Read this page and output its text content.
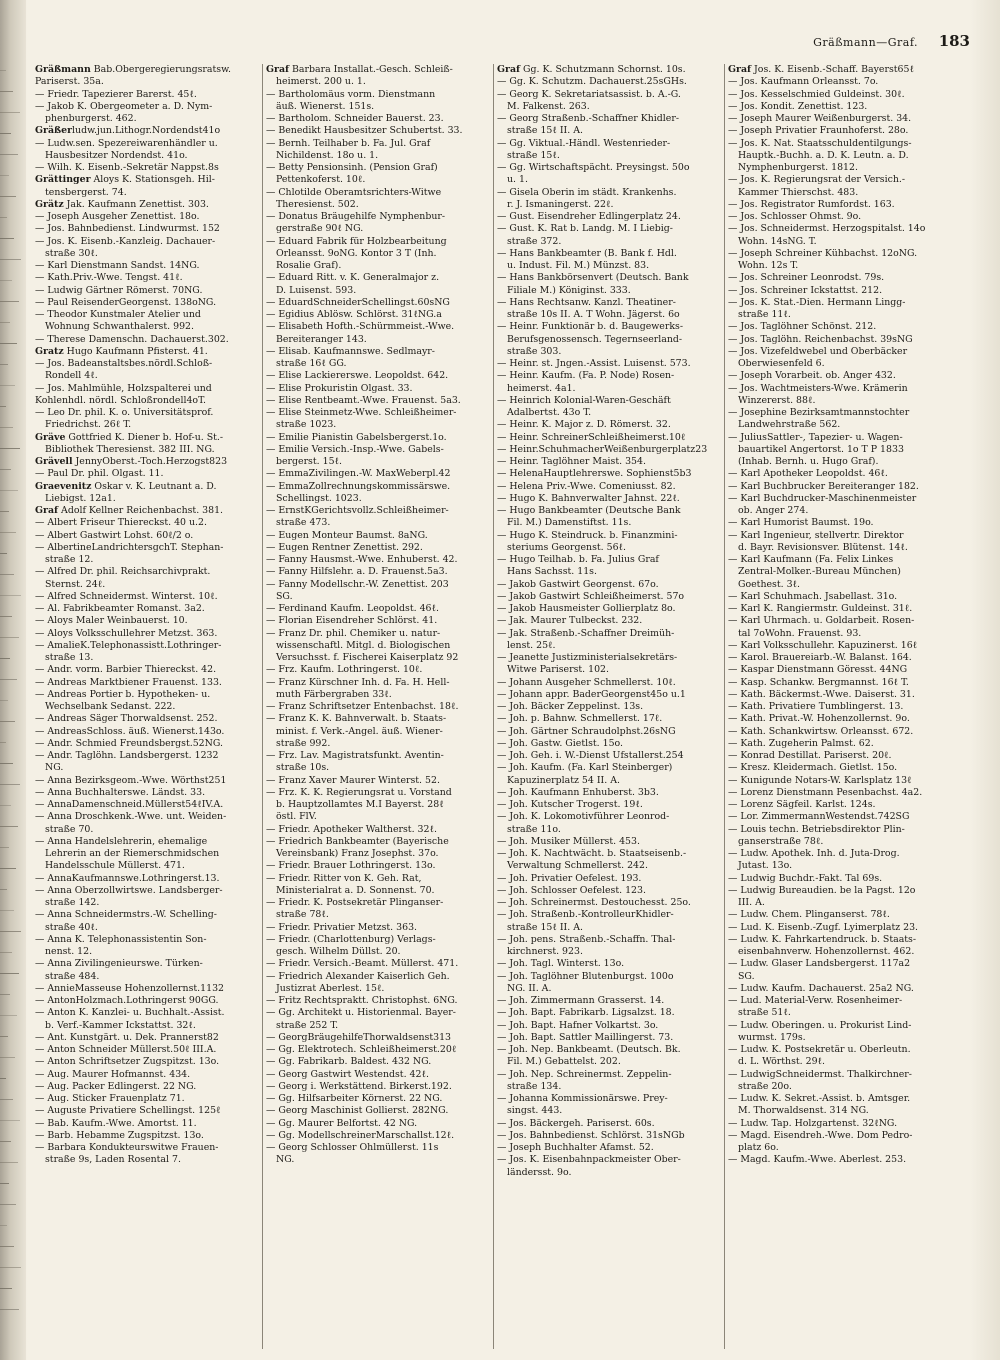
Gräßmann—Graf. 183
Gräßmann Bab.Obergeregierungsratsw.
Pariserst. 35a.
— Friedr. Tapezierer Barerst. 45ℓ.
— Jakob K. Obergeometer a. D. Nym-
phenburgerst. 462.
Gräßerludw.jun.Lithogr.Nordendst41o
— Ludw.sen. Spezereiwarenhändler u.
Hausbesitzer Nordendst. 41o.
— Wilh. K. Eisenb.-Sekretär Nappst.8s
Grättinger Aloys K. Stationsgeh. Hil-
tensbergerst. 74.
Grätz Jak. Kaufmann Zenettist. 303.
— Joseph Ausgeher Zenettist. 18o.
— Jos. Bahnbedienst. Lindwurmst. 152
— Jos. K. Eisenb.-Kanzleig. Dachauer-
straße 30ℓ.
— Karl Dienstmann Sandst. 14NG.
— Kath.Priv.-Wwe. Tengst. 41ℓ.
— Ludwig Gärtner Römerst. 70NG.
— Paul ReisenderGeorgenst. 138oNG.
— Theodor Kunstmaler Atelier und
Wohnung Schwanthalerst. 992.
— Therese Damenschn. Dachauerst.302.
Gratz Hugo Kaufmann Pfisterst. 41.
— Jos. Badeanstaltsbes.nördl.Schloß-
Rondell 4ℓ.
— Jos. Mahlmühle, Holzspalterei und
Kohlenhdl. nördl. Schloßrondell4oT.
— Leo Dr. phil. K. o. Universitätsprof.
Friedrichst. 26ℓ T.
Gräve Gottfried K. Diener b. Hof-u. St.-
Bibliothek Theresienst. 382 III. NG.
Grävell JennyOberst.-Toch.Herzogst823
— Paul Dr. phil. Olgast. 11.
Graevenitz Oskar v. K. Leutnant a. D.
Liebigst. 12a1.
Graf Adolf Kellner Reichenbachst. 381.
— Albert Friseur Thiereckst. 40 u.2.
— Albert Gastwirt Lohst. 60ℓ/2 o.
— AlbertineLandrichtersgchT. Stephan-
straße 12.
— Alfred Dr. phil. Reichsarchivprakt.
Sternst. 24ℓ.
— Alfred Schneidermst. Winterst. 10ℓ.
— Al. Fabrikbeamter Romanst. 3a2.
— Aloys Maler Weinbauerst. 10.
— Aloys Volksschullehrer Metzst. 363.
— AmalieK.Telephonassistt.Lothringer-
straße 13.
— Andr. vorm. Barbier Thiereckst. 42.
— Andreas Marktbiener Frauenst. 133.
— Andreas Portier b. Hypotheken- u.
Wechselbank Sedanst. 222.
— Andreas Säger Thorwaldsenst. 252.
— AndreasSchloss. äuß. Wienerst.143o.
— Andr. Schmied Freundsbergst.52NG.
— Andr. Taglöhn. Landsbergerst. 1232
NG.
— Anna Bezirksgeom.-Wwe. Wörthst251
— Anna Buchhalterswe. Ländst. 33.
— AnnaDamenschneid.Müllerst54ℓIV.A.
— Anna Droschkenk.-Wwe. unt. Weiden-
straße 70.
— Anna Handelslehrerin, ehemalige
Lehrerin an der Riemerschmidschen
Handelsschule Müllerst. 471.
— AnnaKaufmannswe.Lothringerst.13.
— Anna Oberzollwirtswe. Landsberger-
straße 142.
— Anna Schneidermstrs.-W. Schelling-
straße 40ℓ.
— Anna K. Telephonassistentin Son-
nenst. 12.
— Anna Zivilingenieurswe. Türken-
straße 484.
— AnnieMasseuse Hohenzollernst.1132
— AntonHolzmach.Lothringerst 90GG.
— Anton K. Kanzlei- u. Buchhalt.-Assist.
b. Verf.-Kammer Ickstattst. 32ℓ.
— Ant. Kunstgärt. u. Dek. Prannerst82
— Anton Schneider Müllerst.50ℓ III.A.
— Anton Schriftsetzer Zugspitzst. 13o.
— Aug. Maurer Hofmannst. 434.
— Aug. Packer Edlingerst. 22 NG.
— Aug. Sticker Frauenplatz 71.
— Auguste Privatiere Schellingst. 125ℓ
— Bab. Kaufm.-Wwe. Amortst. 11.
— Barb. Hebamme Zugspitzst. 13o.
— Barbara Kondukteurswitwe Frauen-
straße 9s, Laden Rosental 7.
Graf Barbara Installat.-Gesch. Schleiß-
heimerst. 200 u. 1.
— Bartholomäus vorm. Dienstmann
äuß. Wienerst. 151s.
— Bartholom. Schneider Bauerst. 23.
— Benedikt Hausbesitzer Schubertst. 33.
— Bernh. Teilhaber b. Fa. Jul. Graf
Nichildenst. 18o u. 1.
— Betty Pensionsinh. (Pension Graf)
Pettenkoferst. 10ℓ.
— Chlotilde Oberamtsrichters-Witwe
Theresienst. 502.
— Donatus Bräugehilfe Nymphenbur-
gerstraße 90ℓ NG.
— Eduard Fabrik für Holzbearbeitung
Orleansst. 9oNG. Kontor 3 T (Inh.
Rosalie Graf).
— Eduard Ritt. v. K. Generalmajor z.
D. Luisenst. 593.
— EduardSchneiderSchellingst.60sNG
— Egidius Ablösw. Schlörst. 31ℓNG.a
— Elisabeth Hofth.-Schürmmeist.-Wwe.
Bereiteranger 143.
— Elisab. Kaufmannswe. Sedlmayr-
straße 16ℓ GG.
— Elise Lackiererswe. Leopoldst. 642.
— Elise Prokuristin Olgast. 33.
— Elise Rentbeamt.-Wwe. Frauenst. 5a3.
— Elise Steinmetz-Wwe. Schleißheimer-
straße 1023.
— Emilie Pianistin Gabelsbergerst.1o.
— Emilie Versich.-Insp.-Wwe. Gabels-
bergerst. 15ℓ.
— EmmaZivilingen.-W. MaxWeberpl.42
— EmmaZollrechnungskommissärswe.
Schellingst. 1023.
— ErnstKGerichtsvollz.Schleißheimer-
straße 473.
— Eugen Monteur Baumst. 8aNG.
— Eugen Rentner Zenettist. 292.
— Fanny Hausmst.-Wwe. Enhuberst. 42.
— Fanny Hilfslehr. a. D. Frauenst.5a3.
— Fanny Modellschr.-W. Zenettist. 203
SG.
— Ferdinand Kaufm. Leopoldst. 46ℓ.
— Florian Eisendreher Schlörst. 41.
— Franz Dr. phil. Chemiker u. natur-
wissenschaftl. Mitgl. d. Biologischen
Versuchsst. f. Fischerei Kaiserplatz 92
— Frz. Kaufm. Lothringerst. 10ℓ.
— Franz Kürschner Inh. d. Fa. H. Hell-
muth Färbergraben 33ℓ.
— Franz Schriftsetzer Entenbachst. 18ℓ.
— Franz K. K. Bahnverwalt. b. Staats-
minist. f. Verk.-Angel. äuß. Wiener-
straße 992.
— Frz. Lav. Magistratsfunkt. Aventin-
straße 10s.
— Franz Xaver Maurer Winterst. 52.
— Frz. K. K. Regierungsrat u. Vorstand
b. Hauptzollamtes M.I Bayerst. 28ℓ
östl. FlV.
— Friedr. Apotheker Waltherst. 32ℓ.
— Friedrich Bankbeamter (Bayerische
Vereinsbank) Franz Josephst. 37o.
— Friedr. Brauer Lothringerst. 13o.
— Friedr. Ritter von K. Geh. Rat,
Ministerialrat a. D. Sonnenst. 70.
— Friedr. K. Postsekretär Plinganser-
straße 78ℓ.
— Friedr. Privatier Metzst. 363.
— Friedr. (Charlottenburg) Verlags-
gesch. Wilhelm Düllst. 20.
— Friedr. Versich.-Beamt. Müllerst. 471.
— Friedrich Alexander Kaiserlich Geh.
Justizrat Aberlest. 15ℓ.
— Fritz Rechtspraktt. Christophst. 6NG.
— Gg. Architekt u. Historienmal. Bayer-
straße 252 T.
— GeorgBräugehilfeThorwaldsenst313
— Gg. Elektrotech. Schleißheimerst.20ℓ
— Gg. Fabrikarb. Baldest. 432 NG.
— Georg Gastwirt Westendst. 42ℓ.
— Georg i. Werkstättend. Birkerst.192.
— Gg. Hilfsarbeiter Körnerst. 22 NG.
— Georg Maschinist Gollierst. 282NG.
— Gg. Maurer Belfortst. 42 NG.
— Gg. ModellschreinerMarschallst.12ℓ.
— Georg Schlosser Ohlmüllerst. 11s
NG.
Graf Gg. K. Schutzmann Schornst. 10s.
— Gg. K. Schutzm. Dachauerst.25sGHs.
— Georg K. Sekretariatsassist. b. A.-G.
M. Falkenst. 263.
— Georg Straßenb.-Schaffner Khidler-
straße 15ℓ II. A.
— Gg. Viktual.-Händl. Westenrieder-
straße 15ℓ.
— Gg. Wirtschaftspächt. Preysingst. 50o
u. 1.
— Gisela Oberin im städt. Krankenhs.
r. J. Ismaningerst. 22ℓ.
— Gust. Eisendreher Edlingerplatz 24.
— Gust. K. Rat b. Landg. M. I Liebig-
straße 372.
— Hans Bankbeamter (B. Bank f. Hdl.
u. Indust. Fil. M.) Münzst. 83.
— Hans Bankbörsenvert (Deutsch. Bank
Filiale M.) Königinst. 333.
— Hans Rechtsanw. Kanzl. Theatiner-
straße 10s II. A. T Wohn. Jägerst. 6o
— Heinr. Funktionär b. d. Baugewerks-
Berufsgenossensch. Tegernseerland-
straße 303.
— Heinr. st. Jngen.-Assist. Luisenst. 573.
— Heinr. Kaufm. (Fa. P. Node) Rosen-
heimerst. 4a1.
— Heinrich Kolonial-Waren-Geschäft
Adalbertst. 43o T.
— Heinr. K. Major z. D. Römerst. 32.
— Heinr. SchreinerSchleißheimerst.10ℓ
— Heinr.SchuhmacherWeißenburgerplatz23
— Heinr. Taglöhner Maist. 354.
— HelenaHauptlehrerswe. Sophienst5b3
— Helena Priv.-Wwe. Comeniusst. 82.
— Hugo K. Bahnverwalter Jahnst. 22ℓ.
— Hugo Bankbeamter (Deutsche Bank
Fil. M.) Damenstiftst. 11s.
— Hugo K. Steindruck. b. Finanzmini-
steriums Georgenst. 56ℓ.
— Hugo Teilhab. b. Fa. Julius Graf
Hans Sachsst. 11s.
— Jakob Gastwirt Georgenst. 67o.
— Jakob Gastwirt Schleißheimerst. 57o
— Jakob Hausmeister Gollierplatz 8o.
— Jak. Maurer Tulbeckst. 232.
— Jak. Straßenb.-Schaffner Dreimüh-
lenst. 25ℓ.
— Jeanette Justizministerialsekretärs-
Witwe Pariserst. 102.
— Johann Ausgeher Schmellerst. 10ℓ.
— Johann appr. BaderGeorgenst45o u.1
— Joh. Bäcker Zeppelinst. 13s.
— Joh. p. Bahnw. Schmellerst. 17ℓ.
— Joh. Gärtner Schraudolphst.26sNG
— Joh. Gastw. Gietlst. 15o.
— Joh. Geh. i. W.-Dienst Ufstallerst.254
— Joh. Kaufm. (Fa. Karl Steinberger)
Kapuzinerplatz 54 II. A.
— Joh. Kaufmann Enhuberst. 3b3.
— Joh. Kutscher Trogerst. 19ℓ.
— Joh. K. Lokomotivführer Leonrod-
straße 11o.
— Joh. Musiker Müllerst. 453.
— Joh. K. Nachtwächt. b. Staatseisenb.-
Verwaltung Schmellerst. 242.
— Joh. Privatier Oefelest. 193.
— Joh. Schlosser Oefelest. 123.
— Joh. Schreinermst. Destouchesst. 25o.
— Joh. Straßenb.-KontrolleurKhidler-
straße 15ℓ II. A.
— Joh. pens. Straßenb.-Schaffn. Thal-
kirchnerst. 923.
— Joh. Tagl. Winterst. 13o.
— Joh. Taglöhner Blutenburgst. 100o
NG. II. A.
— Joh. Zimmermann Grasserst. 14.
— Joh. Bapt. Fabrikarb. Ligsalzst. 18.
— Joh. Bapt. Hafner Volkartst. 3o.
— Joh. Bapt. Sattler Maillingerst. 73.
— Joh. Nep. Bankbeamt. (Deutsch. Bk.
Fil. M.) Gebattelst. 202.
— Joh. Nep. Schreinermst. Zeppelin-
straße 134.
— Johanna Kommissionärswe. Prey-
singst. 443.
— Jos. Bäckergeh. Pariserst. 60s.
— Jos. Bahnbedienst. Schlörst. 31sNGb
— Joseph Buchhalter Afamst. 52.
— Jos. K. Eisenbahnpackmeister Ober-
ländersst. 9o.
Graf Jos. K. Eisenb.-Schaff. Bayerst65ℓ
— Jos. Kaufmann Orleansst. 7o.
— Jos. Kesselschmied Guldeinst. 30ℓ.
— Jos. Kondit. Zenettist. 123.
— Joseph Maurer Weißenburgerst. 34.
— Joseph Privatier Fraunhoferst. 28o.
— Jos. K. Nat. Staatsschuldentilgungs-
Hauptk.-Buchh. a. D. K. Leutn. a. D.
Nymphenburgerst. 1812.
— Jos. K. Regierungsrat der Versich.-
Kammer Thierschst. 483.
— Jos. Registrator Rumfordst. 163.
— Jos. Schlosser Ohmst. 9o.
— Jos. Schneidermst. Herzogspitalst. 14o
Wohn. 14sNG. T.
— Joseph Schreiner Kühbachst. 12oNG.
Wohn. 12s T.
— Jos. Schreiner Leonrodst. 79s.
— Jos. Schreiner Ickstattst. 212.
— Jos. K. Stat.-Dien. Hermann Lingg-
straße 11ℓ.
— Jos. Taglöhner Schönst. 212.
— Jos. Taglöhn. Reichenbachst. 39sNG
— Jos. Vizefeldwebel und Oberbäcker
Oberwiesenfeld 6.
— Joseph Vorarbeit. ob. Anger 432.
— Jos. Wachtmeisters-Wwe. Krämerin
Winzererst. 88ℓ.
— Josephine Bezirksamtmannstochter
Landwehrstraße 562.
— JuliusSattler-, Tapezier- u. Wagen-
bauartikel Angertorst. 1o T P 1833
(Inhab. Bernh. u. Hugo Graf).
— Karl Apotheker Leopoldst. 46ℓ.
— Karl Buchbrucker Bereiteranger 182.
— Karl Buchdrucker-Maschinenmeister
ob. Anger 274.
— Karl Humorist Baumst. 19o.
— Karl Ingenieur, stellvertr. Direktor
d. Bayr. Revisionsver. Blütenst. 14ℓ.
— Karl Kaufmann (Fa. Felix Linkes
Zentral-Molker.-Bureau München)
Goethest. 3ℓ.
— Karl Schuhmach. Jsabellast. 31o.
— Karl K. Rangiermstr. Guldeinst. 31ℓ.
— Karl Uhrmach. u. Goldarbeit. Rosen-
tal 7oWohn. Frauenst. 93.
— Karl Volksschullehr. Kapuzinerst. 16ℓ
— Karol. Brauereiarb.-W. Balanst. 164.
— Kaspar Dienstmann Göresst. 44NG
— Kasp. Schankw. Bergmannst. 16ℓ T.
— Kath. Bäckermst.-Wwe. Daiserst. 31.
— Kath. Privatiere Tumblingerst. 13.
— Kath. Privat.-W. Hohenzollernst. 9o.
— Kath. Schankwirtsw. Orleansst. 672.
— Kath. Zugeherin Palmst. 62.
— Konrad Destillat. Pariserst. 20ℓ.
— Kresz. Kleidermach. Gietlst. 15o.
— Kunigunde Notars-W. Karlsplatz 13ℓ
— Lorenz Dienstmann Pesenbachst. 4a2.
— Lorenz Sägfeil. Karlst. 124s.
— Lor. ZimmermannWestendst.742SG
— Louis techn. Betriebsdirektor Plin-
ganserstraße 78ℓ.
— Ludw. Apothek. Inh. d. Juta-Drog.
Jutast. 13o.
— Ludwig Buchdr.-Fakt. Tal 69s.
— Ludwig Bureaudien. be la Pagst. 12o
III. A.
— Ludw. Chem. Plinganserst. 78ℓ.
— Lud. K. Eisenb.-Zugf. Lyimerplatz 23.
— Ludw. K. Fahrkartendruck. b. Staats-
eisenbahnverw. Hohenzollernst. 462.
— Ludw. Glaser Landsbergerst. 117a2
SG.
— Ludw. Kaufm. Dachauerst. 25a2 NG.
— Lud. Material-Verw. Rosenheimer-
straße 51ℓ.
— Ludw. Oberingen. u. Prokurist Lind-
wurmst. 179s.
— Ludw. K. Postsekretär u. Oberleutn.
d. L. Wörthst. 29ℓ.
— LudwigSchneidermst. Thalkirchner-
straße 20o.
— Ludw. K. Sekret.-Assist. b. Amtsger.
M. Thorwaldsenst. 314 NG.
— Ludw. Tap. Holzgartenst. 32ℓNG.
— Magd. Eisendreh.-Wwe. Dom Pedro-
platz 6o.
— Magd. Kaufm.-Wwe. Aberlest. 253.
